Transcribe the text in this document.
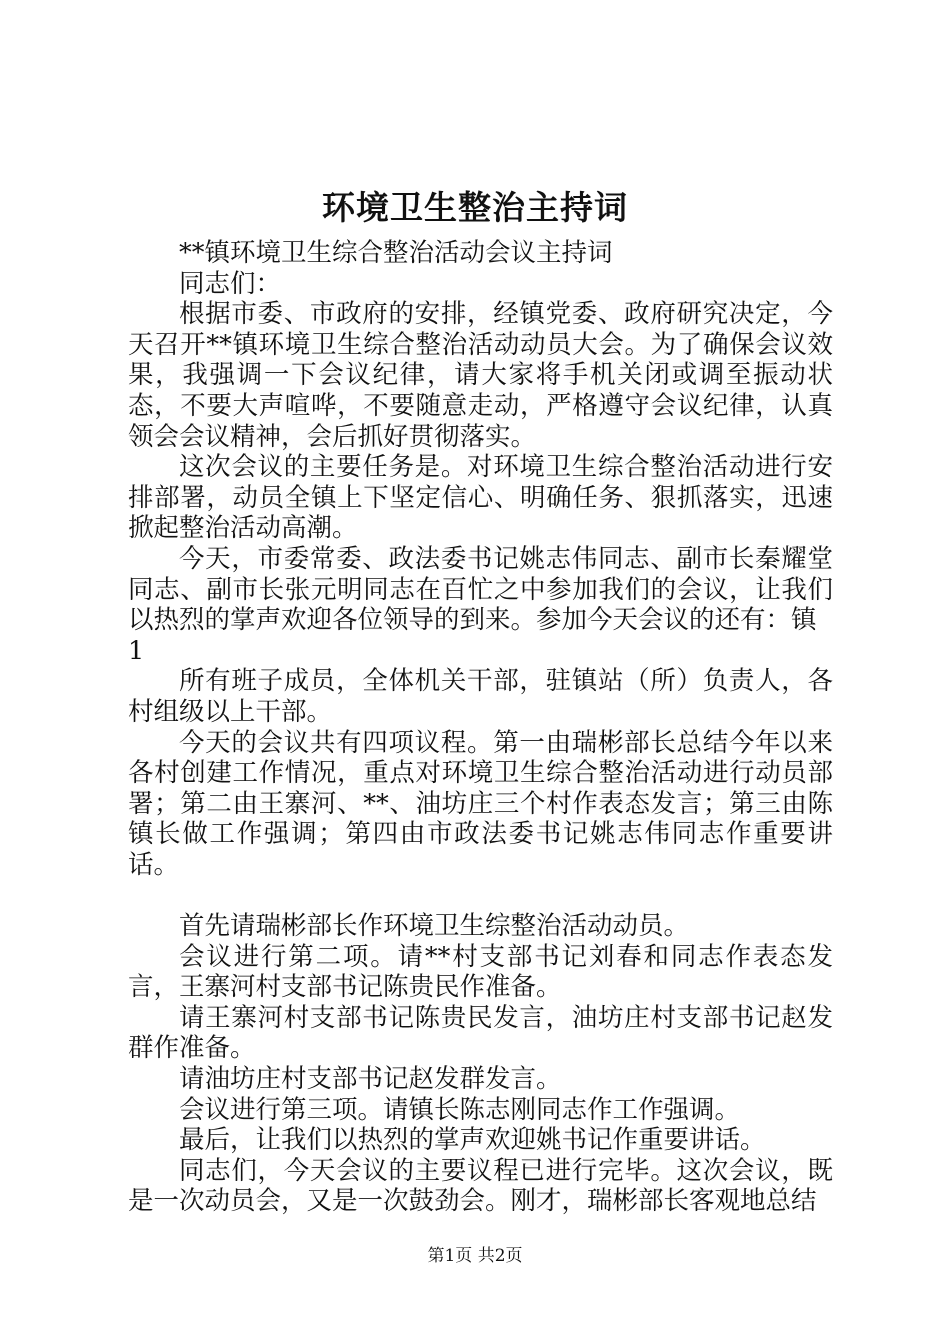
环境卫生整治主持词

**镇环境卫生综合整治活动会议主持词

同志们：

根据市委、市政府的安排，经镇党委、政府研究决定，今天召开**镇环境卫生综合整治活动动员大会。为了确保会议效果，我强调一下会议纪律，请大家将手机关闭或调至振动状态，不要大声喧哗，不要随意走动，严格遵守会议纪律，认真领会会议精神，会后抓好贯彻落实。

这次会议的主要任务是。对环境卫生综合整治活动进行安排部署，动员全镇上下坚定信心、明确任务、狠抓落实，迅速掀起整治活动高潮。

今天，市委常委、政法委书记姚志伟同志、副市长秦耀堂同志、副市长张元明同志在百忙之中参加我们的会议，让我们以热烈的掌声欢迎各位领导的到来。参加今天会议的还有：镇

1

所有班子成员，全体机关干部，驻镇站（所）负责人，各村组级以上干部。

今天的会议共有四项议程。第一由瑞彬部长总结今年以来各村创建工作情况，重点对环境卫生综合整治活动进行动员部署；第二由王寨河、**、油坊庄三个村作表态发言；第三由陈镇长做工作强调；第四由市政法委书记姚志伟同志作重要讲话。

首先请瑞彬部长作环境卫生综整治活动动员。

会议进行第二项。请**村支部书记刘春和同志作表态发言，王寨河村支部书记陈贵民作准备。

请王寨河村支部书记陈贵民发言，油坊庄村支部书记赵发群作准备。

请油坊庄村支部书记赵发群发言。

会议进行第三项。请镇长陈志刚同志作工作强调。

最后，让我们以热烈的掌声欢迎姚书记作重要讲话。

同志们，今天会议的主要议程已进行完毕。这次会议，既是一次动员会，又是一次鼓劲会。刚才，瑞彬部长客观地总结

第1页 共2页
